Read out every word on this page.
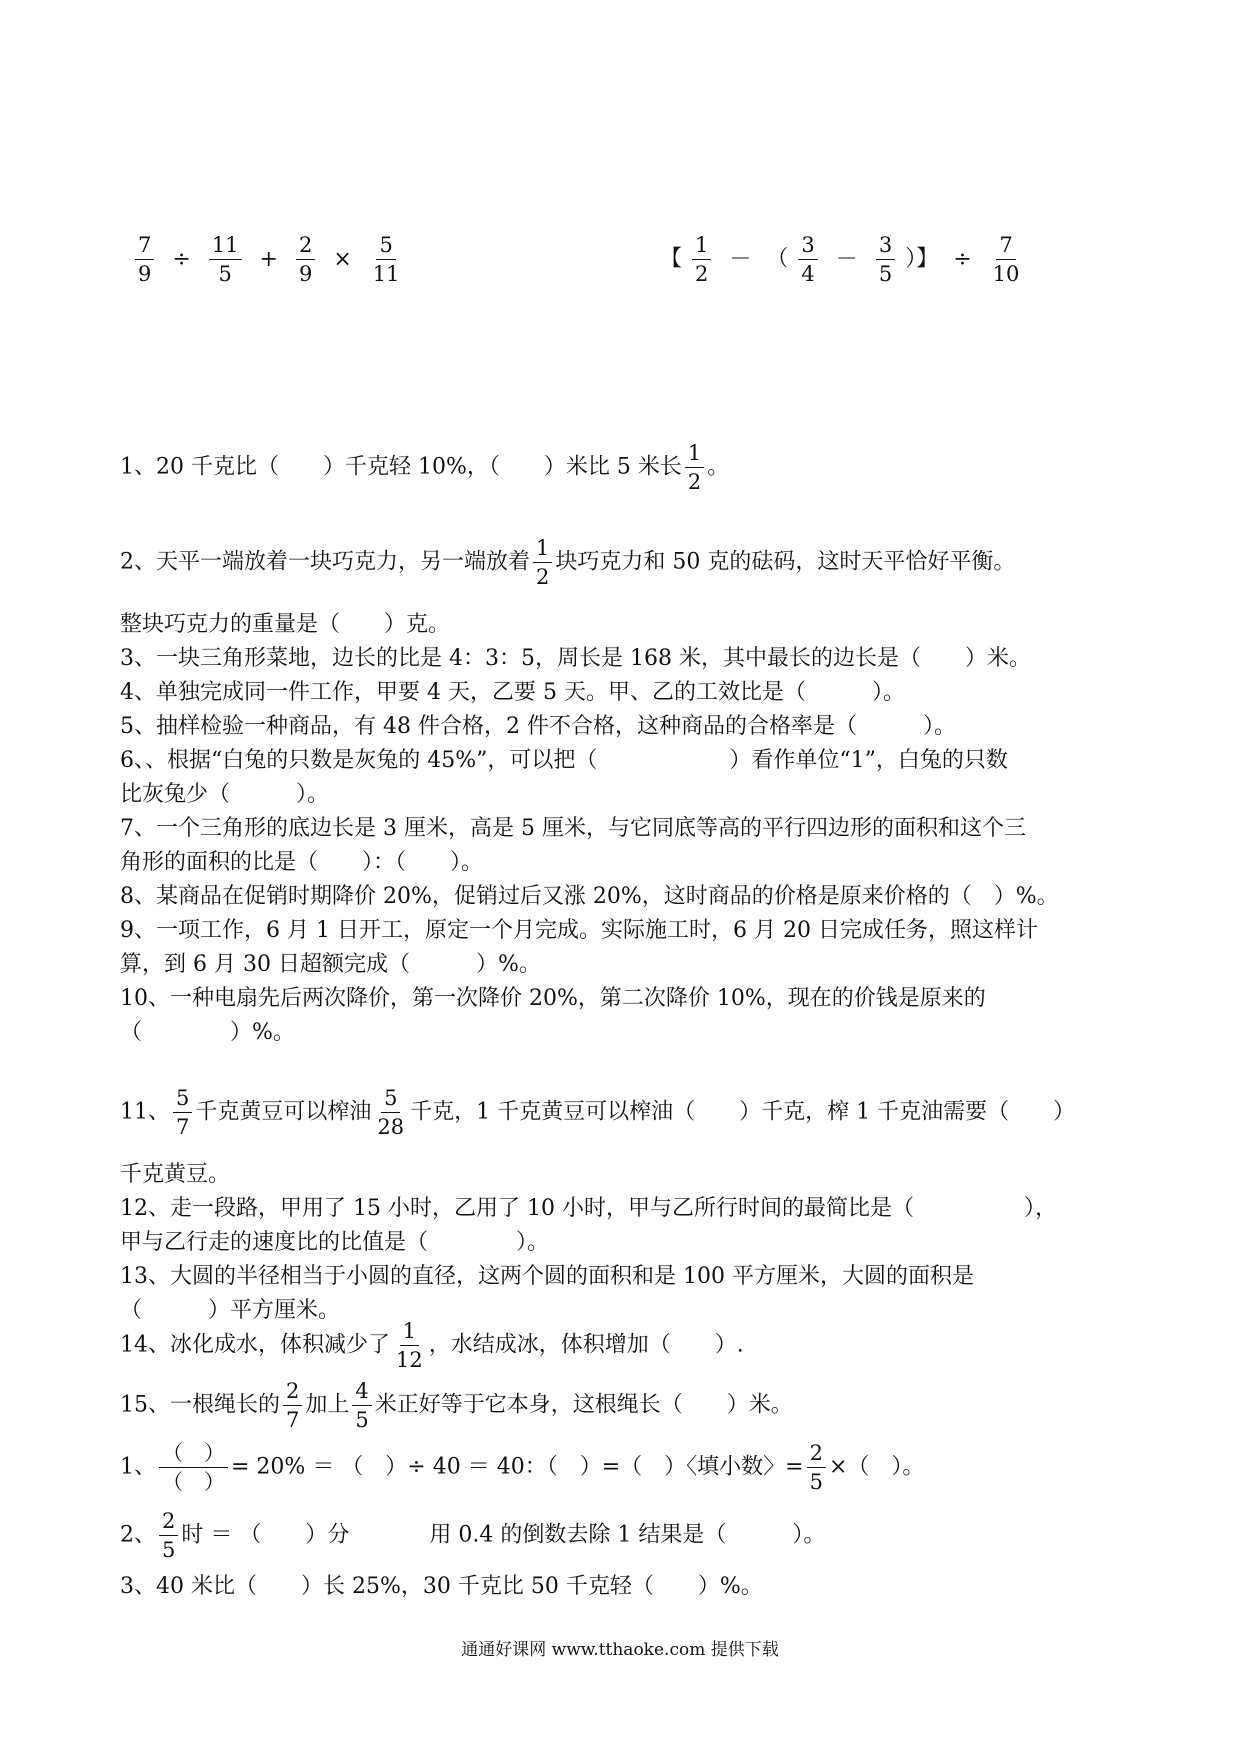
$\frac{7}{9} \div \frac{11}{5} + \frac{2}{9} \times \frac{5}{11}$	【 $\frac{1}{2}$ － （ $\frac{3}{4} - \frac{3}{5}$ ）】 ÷ $\frac{7}{10}$
1、20 千克比（　　）千克轻 10%，（　　）米比 5 米长 $\frac{1}{2}$ 。
2、天平一端放着一块巧克力，另一端放着 $\frac{1}{2}$ 块巧克力和 50 克的砝码，这时天平恰好平衡。
整块巧克力的重量是（　　）克。
3、一块三角形菜地，边长的比是 4：3：5，周长是 168 米，其中最长的边长是（　　）米。
4、单独完成同一件工作，甲要 4 天，乙要 5 天。甲、乙的工效比是（　　　）。
5、抽样检验一种商品，有 48 件合格，2 件不合格，这种商品的合格率是（　　　）。
6、、根据“白兔的只数是灰兔的 45%”，可以把（　　　　　　）看作单位“1”，白兔的只数
比灰兔少（　　　）。
7、一个三角形的底边长是 3 厘米，高是 5 厘米，与它同底等高的平行四边形的面积和这个三
角形的面积的比是（　　）：（　　）。
8、某商品在促销时期降价 20%，促销过后又涨 20%，这时商品的价格是原来价格的（　）%。
9、一项工作，6 月 1 日开工，原定一个月完成。实际施工时，6 月 20 日完成任务，照这样计
算，到 6 月 30 日超额完成（　　　）%。
10、一种电扇先后两次降价，第一次降价 20%，第二次降价 10%，现在的价钱是原来的
（　　　　）%。
11、 $\frac{5}{7}$ 千克黄豆可以榨油 $\frac{5}{28}$ 千克，1 千克黄豆可以榨油（　　）千克，榨 1 千克油需要（　　）
千克黄豆。
12、走一段路，甲用了 15 小时，乙用了 10 小时，甲与乙所行时间的最简比是（　　　　　），
甲与乙行走的速度比的比值是（　　　　）。
13、大圆的半径相当于小圆的直径，这两个圆的面积和是 100 平方厘米，大圆的面积是
（　　　）平方厘米。
14、冰化成水，体积减少了 $\frac{1}{12}$ ，水结成冰，体积增加（　　）.
15、一根绳长的 $\frac{2}{7}$ 加上 $\frac{4}{5}$ 米正好等于它本身，这根绳长（　　）米。
1、 $\frac{( )}{( )} = 20\%$ ＝ （　）÷ 40 ＝ 40：（　）=（　）〈填小数〉= $\frac{2}{5}$ ×（　）。
2、 $\frac{2}{5}$ 时 ＝ （　　）分	用 0.4 的倒数去除 1 结果是（　　　）。
3、40 米比（　　）长 25%，30 千克比 50 千克轻（　　）%。
通通好课网 www.tthaoke.com 提供下载
